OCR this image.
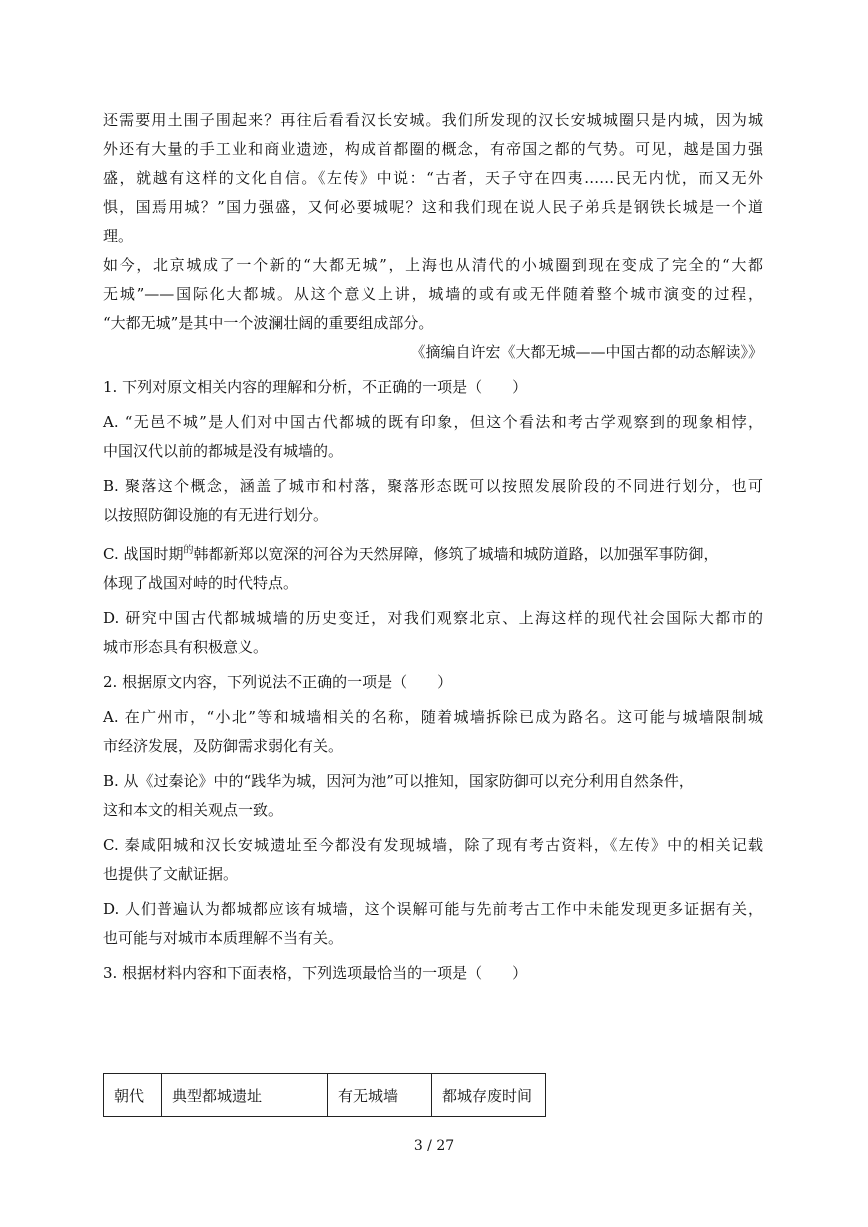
还需要用土围子围起来？再往后看看汉长安城。我们所发现的汉长安城城圈只是内城，因为城
外还有大量的手工业和商业遗迹，构成首都圈的概念，有帝国之都的气势。可见，越是国力强
盛，就越有这样的文化自信。《左传》中说：“古者，天子守在四夷……民无内忧，而又无外
惧，国焉用城？”国力强盛，又何必要城呢？这和我们现在说人民子弟兵是钢铁长城是一个道
理。
如今，北京城成了一个新的“大都无城”，上海也从清代的小城圈到现在变成了完全的“大都
无城”——国际化大都城。从这个意义上讲，城墙的或有或无伴随着整个城市演变的过程，
“大都无城”是其中一个波澜壮阔的重要组成部分。
《摘编自许宏《大都无城——中国古都的动态解读》》
1. 下列对原文相关内容的理解和分析，不正确的一项是（　　）
A. “无邑不城”是人们对中国古代都城的既有印象，但这个看法和考古学观察到的现象相悖，
中国汉代以前的都城是没有城墙的。
B. 聚落这个概念，涵盖了城市和村落，聚落形态既可以按照发展阶段的不同进行划分，也可
以按照防御设施的有无进行划分。
C. 战国时期$^的$韩都新郑以宽深的河谷为天然屏障，修筑了城墙和城防道路，以加强军事防御，
体现了战国对峙的时代特点。
D. 研究中国古代都城城墙的历史变迁，对我们观察北京、上海这样的现代社会国际大都市的
城市形态具有积极意义。
2. 根据原文内容，下列说法不正确的一项是（　　）
A. 在广州市，“小北”等和城墙相关的名称，随着城墙拆除已成为路名。这可能与城墙限制城
市经济发展，及防御需求弱化有关。
B. 从《过秦论》中的“践华为城，因河为池”可以推知，国家防御可以充分利用自然条件，
这和本文的相关观点一致。
C. 秦咸阳城和汉长安城遗址至今都没有发现城墙，除了现有考古资料，《左传》中的相关记载
也提供了文献证据。
D. 人们普遍认为都城都应该有城墙，这个误解可能与先前考古工作中未能发现更多证据有关，
也可能与对城市本质理解不当有关。
3. 根据材料内容和下面表格，下列选项最恰当的一项是（　　）
朝代	典型都城遗址	有无城墙	都城存废时间
3 / 27
